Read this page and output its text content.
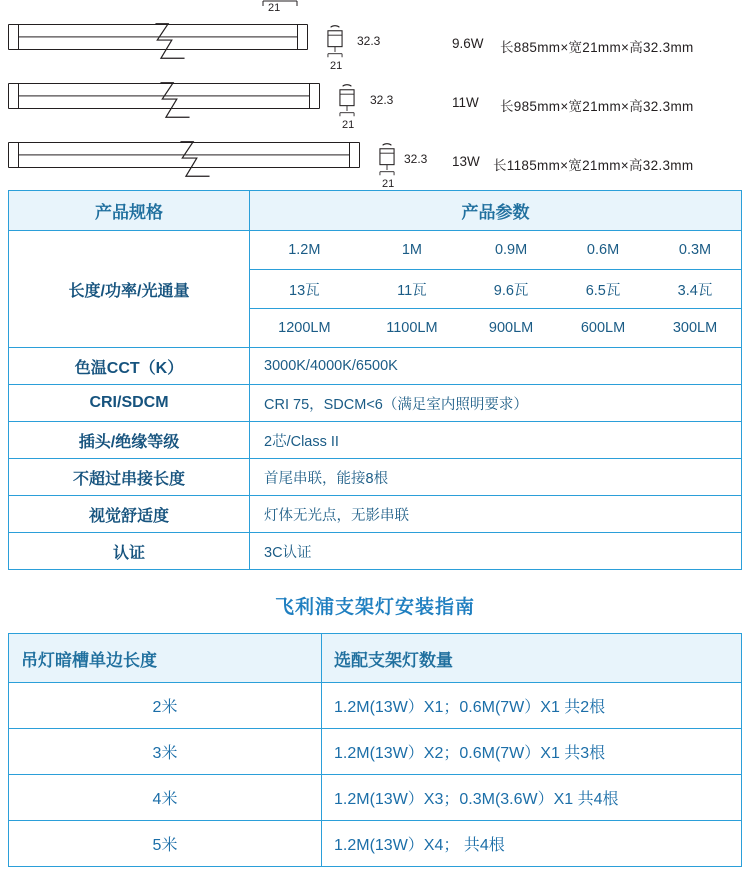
21
32.3
21
9.6W 长885mm×宽21mm×高32.3mm
32.3
21
11W 长985mm×宽21mm×高32.3mm
32.3
21
13W 长1185mm×宽21mm×高32.3mm
产品规格	产品参数
长度/功率/光通量	
1.2M	1M	0.9M	0.6M	0.3M
13瓦	11瓦	9.6瓦	6.5瓦	3.4瓦
1200LM	1100LM	900LM	600LM	300LM

色温CCT（K）	3000K/4000K/6500K
CRI/SDCM	CRI 75，SDCM<6（满足室内照明要求）
插头/绝缘等级	2芯/Class II
不超过串接长度	首尾串联，能接8根
视觉舒适度	灯体无光点，无影串联
认证	3C认证
飞利浦支架灯安装指南
吊灯暗槽单边长度	选配支架灯数量
2米	1.2M(13W）X1；0.6M(7W）X1 共2根
3米	1.2M(13W）X2；0.6M(7W）X1 共3根
4米	1.2M(13W）X3；0.3M(3.6W）X1 共4根
5米	1.2M(13W）X4； 共4根
